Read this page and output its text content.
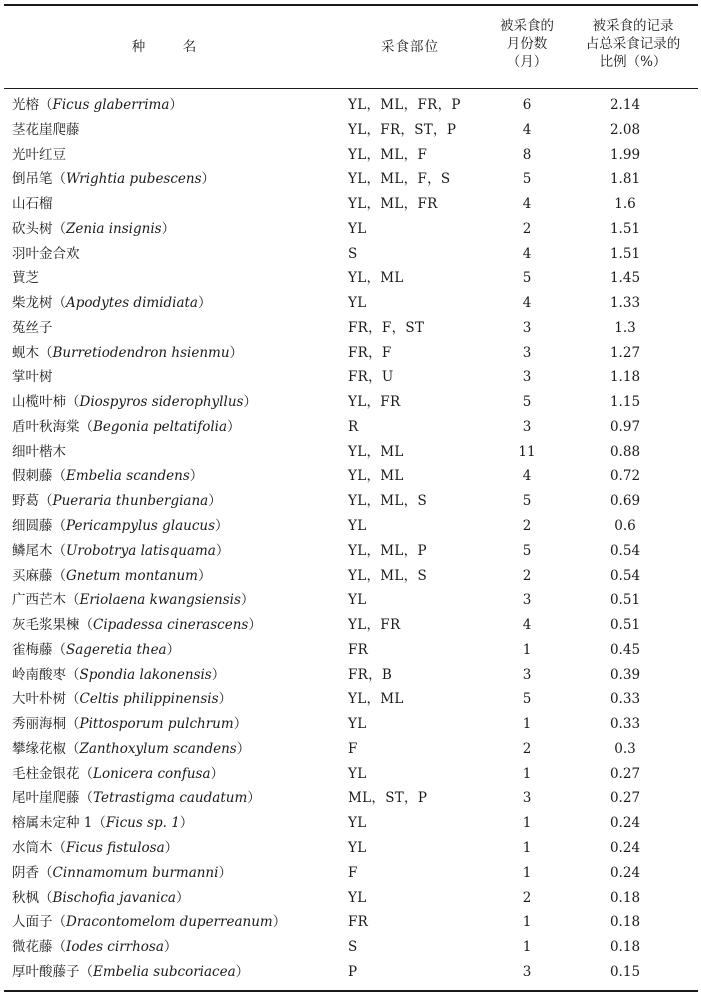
种　名	采食部位
被采食的
月份数
（月）
被采食的记录
占总采食记录的
比例（%）
光榕（Ficus glaberrima）	YL，ML，FR，P	6	2.14
茎花崖爬藤	YL，FR，ST，P	4	2.08
光叶红豆	YL，ML，F	8	1.99
倒吊笔（Wrightia pubescens）	YL，ML，F，S	5	1.81
山石榴	YL，ML，FR	4	1.6
砍头树（Zenia insignis）	YL	2	1.51
羽叶金合欢	S	4	1.51
蕒芝	YL，ML	5	1.45
柴龙树（Apodytes dimidiata）	YL	4	1.33
菟丝子	FR，F，ST	3	1.3
蚬木（Burretiodendron hsienmu）	FR，F	3	1.27
掌叶树	FR，U	3	1.18
山榄叶柿（Diospyros siderophyllus）	YL，FR	5	1.15
盾叶秋海棠（Begonia peltatifolia）	R	3	0.97
细叶楷木	YL，ML	11	0.88
假刺藤（Embelia scandens）	YL，ML	4	0.72
野葛（Pueraria thunbergiana）	YL，ML，S	5	0.69
细圆藤（Pericampylus glaucus）	YL	2	0.6
鳞尾木（Urobotrya latisquama）	YL，ML，P	5	0.54
买麻藤（Gnetum montanum）	YL，ML，S	2	0.54
广西芒木（Eriolaena kwangsiensis）	YL	3	0.51
灰毛浆果楝（Cipadessa cinerascens）	YL，FR	4	0.51
雀梅藤（Sageretia thea）	FR	1	0.45
岭南酸枣（Spondia lakonensis）	FR，B	3	0.39
大叶朴树（Celtis philippinensis）	YL，ML	5	0.33
秀丽海桐（Pittosporum pulchrum）	YL	1	0.33
攀缘花椒（Zanthoxylum scandens）	F	2	0.3
毛柱金银花（Lonicera confusa）	YL	1	0.27
尾叶崖爬藤（Tetrastigma caudatum）	ML，ST，P	3	0.27
榕属未定种 1（Ficus sp. 1）	YL	1	0.24
水筒木（Ficus fistulosa）	YL	1	0.24
阴香（Cinnamomum burmanni）	F	1	0.24
秋枫（Bischofia javanica）	YL	2	0.18
人面子（Dracontomelom duperreanum）	FR	1	0.18
微花藤（Iodes cirrhosa）	S	1	0.18
厚叶酸藤子（Embelia subcoriacea）	P	3	0.15
